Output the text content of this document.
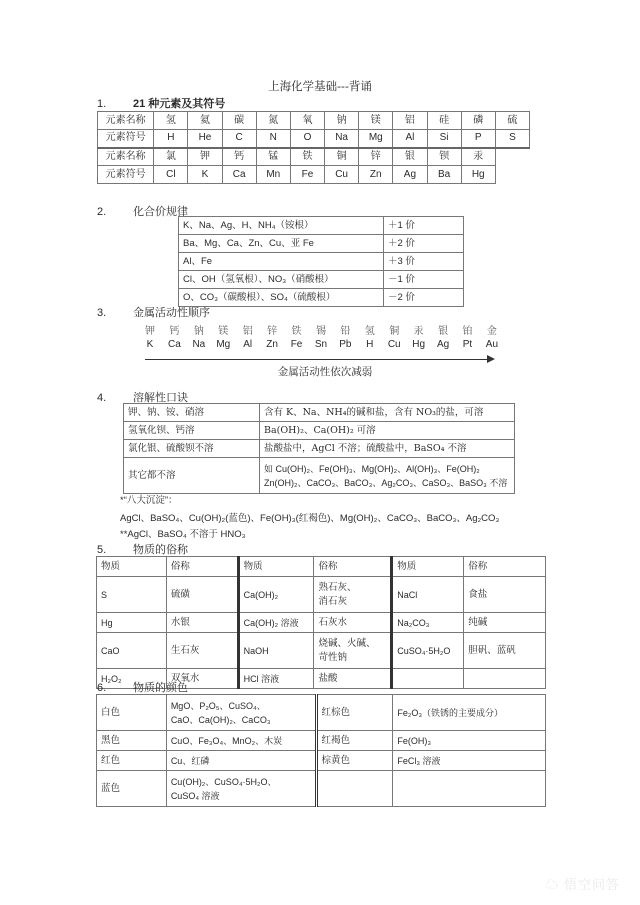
上海化学基础---背诵
1. 21 种元素及其符号
元素名称	氢	氦	碳	氮	氧	钠	镁	铝	硅	磷	硫
元素符号	H	He	C	N	O	Na	Mg	Al	Si	P	S
元素名称	氯	钾	钙	锰	铁	铜	锌	银	钡	汞	
元素符号	Cl	K	Ca	Mn	Fe	Cu	Zn	Ag	Ba	Hg	
2. 化合价规律
K、Na、Ag、H、NH₄（铵根）	＋1 价
Ba、Mg、Ca、Zn、Cu、亚 Fe	＋2 价
Al、Fe	＋3 价
Cl、OH（氢氧根）、NO₃（硝酸根）	－1 价
O、CO₃（碳酸根）、SO₄（硫酸根）	－2 价
3. 金属活动性顺序
钾	钙	钠	镁	铝	锌	铁	锡	铅	氢	铜	汞	银	铂	金
K	Ca	Na	Mg	Al	Zn	Fe	Sn	Pb	H	Cu	Hg	Ag	Pt	Au
金属活动性依次减弱
4. 溶解性口诀
钾、钠、铵、硝溶	含有 K、Na、NH₄的碱和盐，含有 NO₃的盐，可溶
氢氧化钡、钙溶	Ba(OH)₂、Ca(OH)₂ 可溶
氯化银、硫酸钡不溶	盐酸盐中，AgCl 不溶；硫酸盐中，BaSO₄ 不溶
其它都不溶	如 Cu(OH)₂、Fe(OH)₃、Mg(OH)₂、Al(OH)₃、Fe(OH)₂
Zn(OH)₂、CaCO₃、BaCO₃、Ag₂CO₃、CaSO₃、BaSO₃ 不溶
*“八大沉淀”：
AgCl、BaSO₄、Cu(OH)₂(蓝色)、Fe(OH)₃(红褐色)、Mg(OH)₂、CaCO₃、BaCO₃、Ag₂CO₃
**AgCl、BaSO₄ 不溶于 HNO₃
5. 物质的俗称
物质	俗称	物质	俗称	物质	俗称
S	硫磺	Ca(OH)₂	熟石灰、
消石灰	NaCl	食盐
Hg	水银	Ca(OH)₂ 溶液	石灰水	Na₂CO₃	纯碱
CaO	生石灰	NaOH	烧碱、火碱、
苛性钠	CuSO₄·5H₂O	胆矾、蓝矾
H₂O₂	双氧水	HCl 溶液	盐酸		
6. 物质的颜色
白色	MgO、P₂O₅、CuSO₄、
CaO、Ca(OH)₂、CaCO₃	红棕色	Fe₂O₃（铁锈的主要成分）
黑色	CuO、Fe₃O₄、MnO₂、木炭	红褐色	Fe(OH)₃
红色	Cu、红磷	棕黄色	FeCl₃ 溶液
蓝色	Cu(OH)₂、CuSO₄·5H₂O、
CuSO₄ 溶液		
☁ 悟空问答
